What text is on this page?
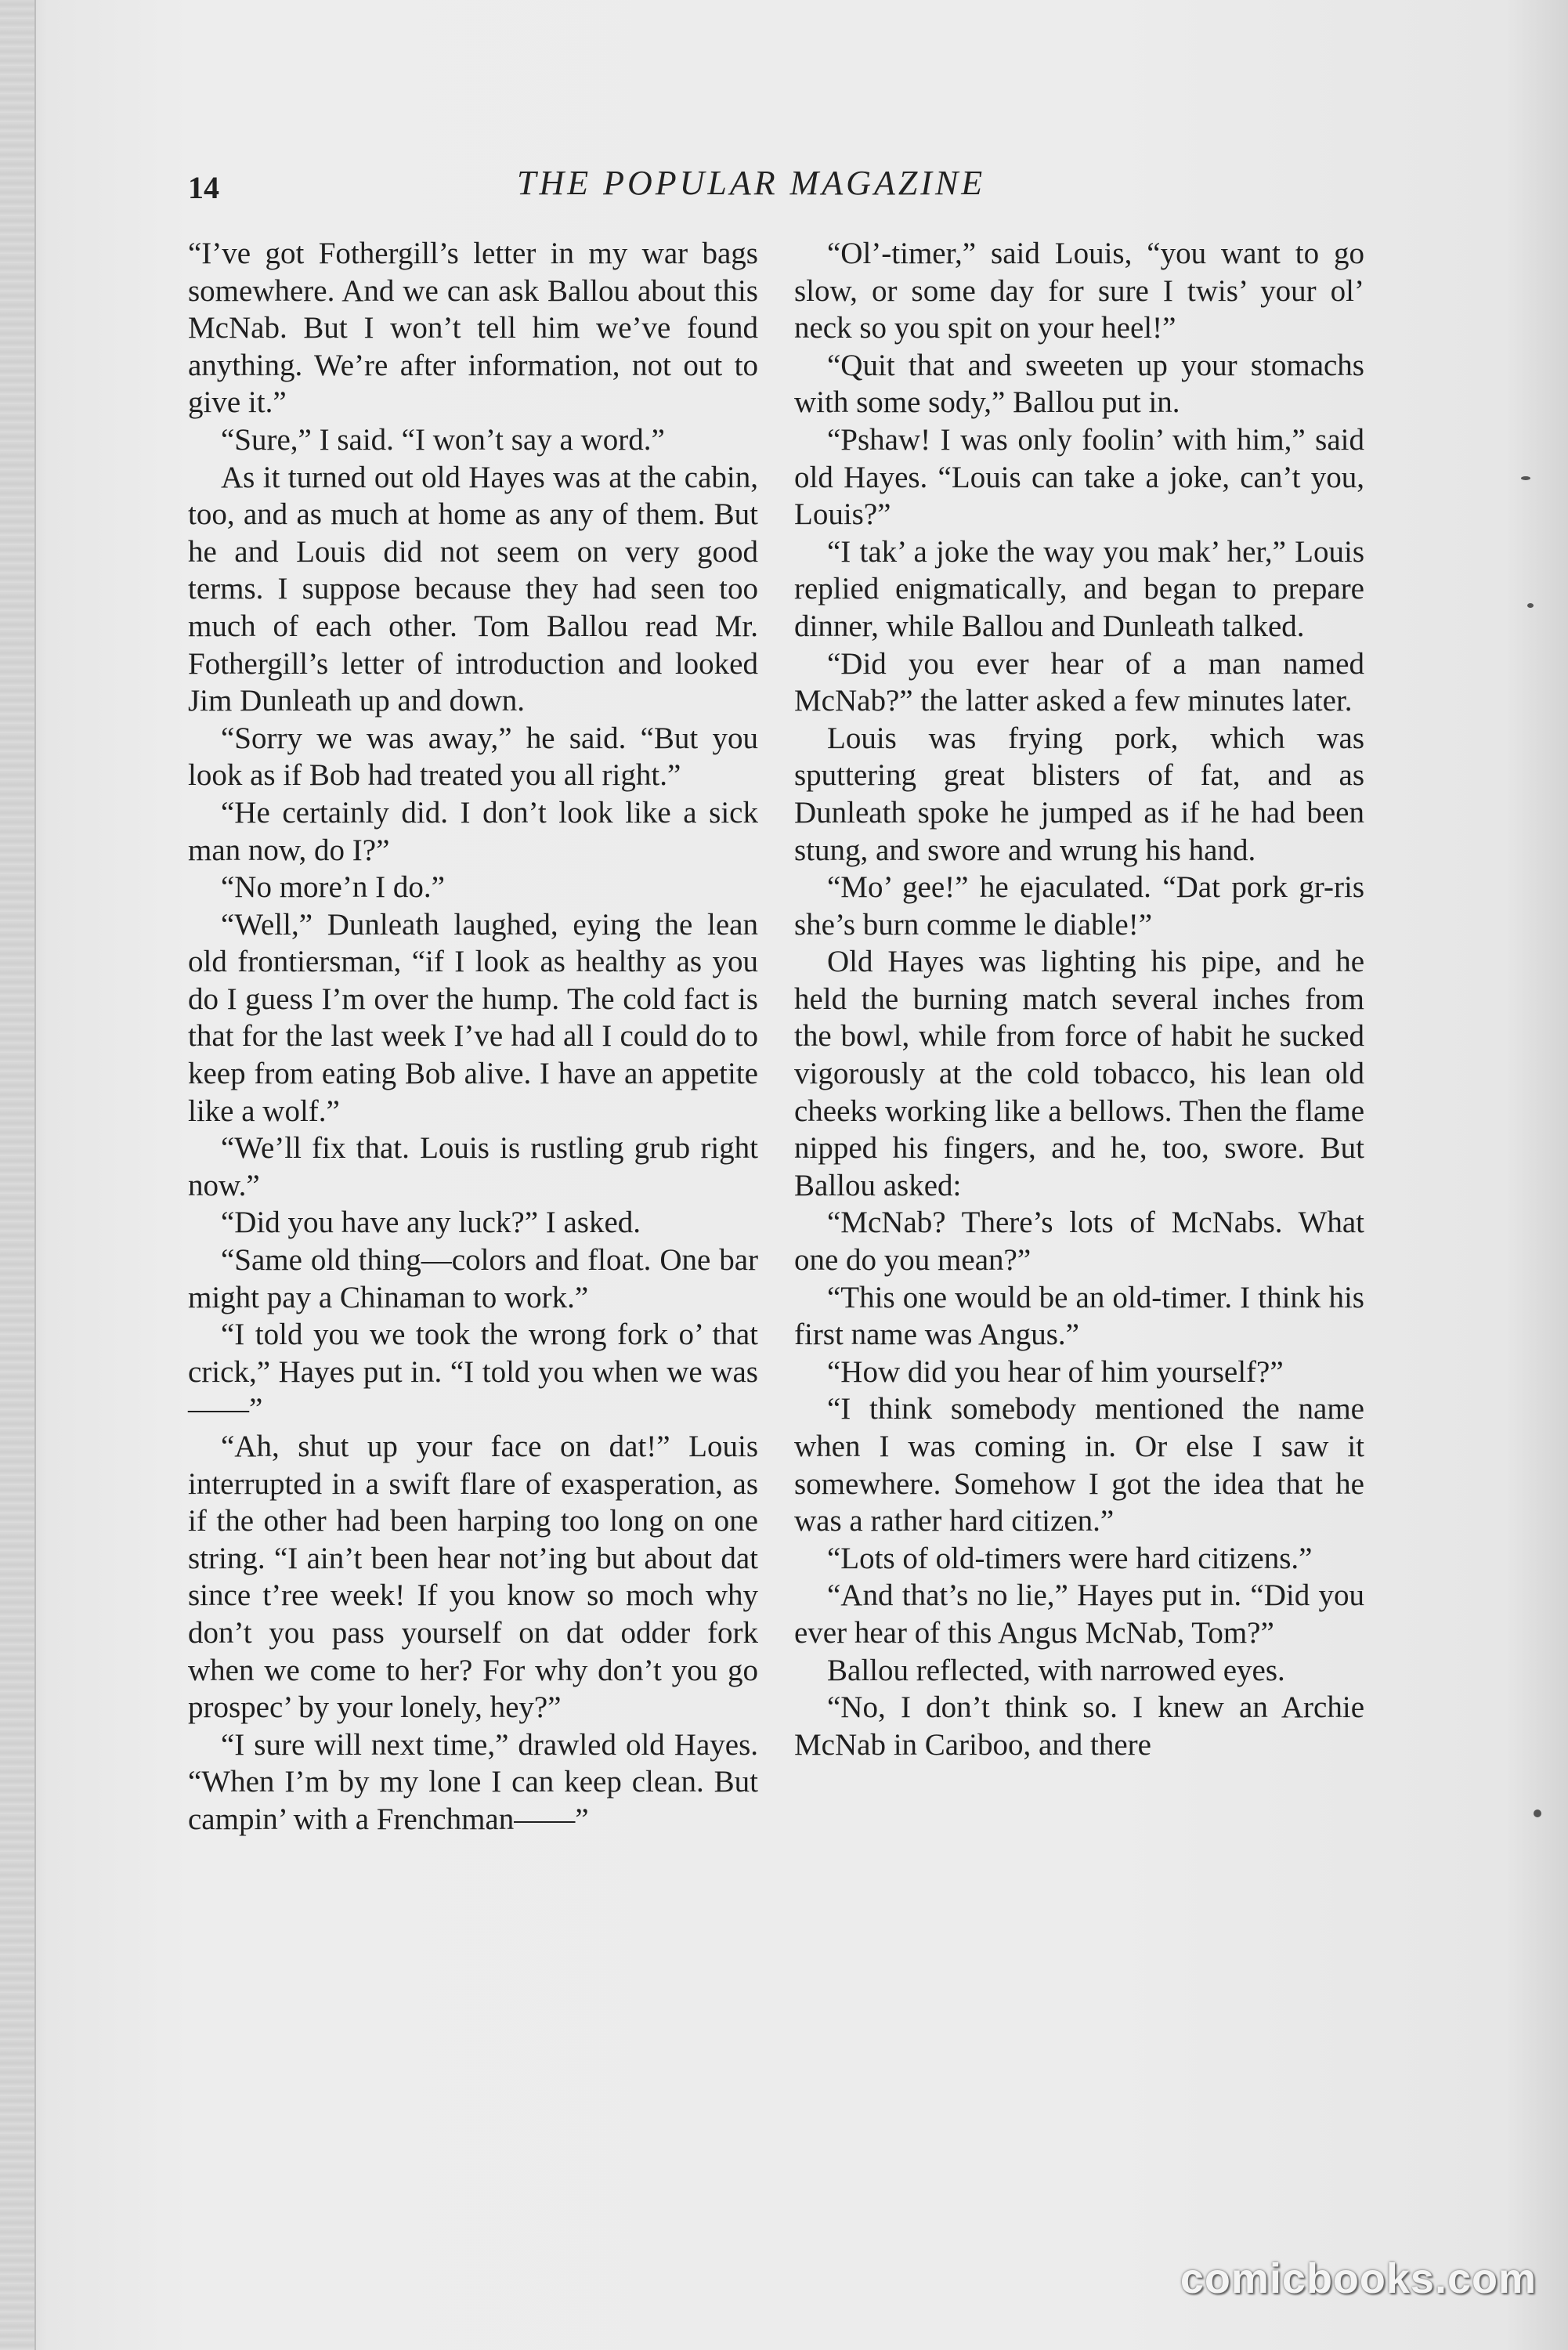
14	THE POPULAR MAGAZINE

“I’ve got Fothergill’s letter in my war bags somewhere. And we can ask Ballou about this McNab. But I won’t tell him we’ve found anything. We’re after information, not out to give it.”

“Sure,” I said. “I won’t say a word.”

As it turned out old Hayes was at the cabin, too, and as much at home as any of them. But he and Louis did not seem on very good terms. I suppose because they had seen too much of each other. Tom Ballou read Mr. Fothergill’s letter of introduction and looked Jim Dunleath up and down.

“Sorry we was away,” he said. “But you look as if Bob had treated you all right.”

“He certainly did. I don’t look like a sick man now, do I?”

“No more’n I do.”

“Well,” Dunleath laughed, eying the lean old frontiersman, “if I look as healthy as you do I guess I’m over the hump. The cold fact is that for the last week I’ve had all I could do to keep from eating Bob alive. I have an appetite like a wolf.”

“We’ll fix that. Louis is rustling grub right now.”

“Did you have any luck?” I asked.

“Same old thing—colors and float. One bar might pay a Chinaman to work.”

“I told you we took the wrong fork o’ that crick,” Hayes put in. “I told you when we was——”

“Ah, shut up your face on dat!” Louis interrupted in a swift flare of exasperation, as if the other had been harping too long on one string. “I ain’t been hear not’ing but about dat since t’ree week! If you know so moch why don’t you pass yourself on dat odder fork when we come to her? For why don’t you go prospec’ by your lonely, hey?”

“I sure will next time,” drawled old Hayes. “When I’m by my lone I can keep clean. But campin’ with a Frenchman——”

“Ol’-timer,” said Louis, “you want to go slow, or some day for sure I twis’ your ol’ neck so you spit on your heel!”

“Quit that and sweeten up your stomachs with some sody,” Ballou put in.

“Pshaw! I was only foolin’ with him,” said old Hayes. “Louis can take a joke, can’t you, Louis?”

“I tak’ a joke the way you mak’ her,” Louis replied enigmatically, and began to prepare dinner, while Ballou and Dunleath talked.

“Did you ever hear of a man named McNab?” the latter asked a few minutes later.

Louis was frying pork, which was sputtering great blisters of fat, and as Dunleath spoke he jumped as if he had been stung, and swore and wrung his hand.

“Mo’ gee!” he ejaculated. “Dat pork gr-ris she’s burn comme le diable!”

Old Hayes was lighting his pipe, and he held the burning match several inches from the bowl, while from force of habit he sucked vigorously at the cold tobacco, his lean old cheeks working like a bellows. Then the flame nipped his fingers, and he, too, swore. But Ballou asked:

“McNab? There’s lots of McNabs. What one do you mean?”

“This one would be an old-timer. I think his first name was Angus.”

“How did you hear of him yourself?”

“I think somebody mentioned the name when I was coming in. Or else I saw it somewhere. Somehow I got the idea that he was a rather hard citizen.”

“Lots of old-timers were hard citizens.”

“And that’s no lie,” Hayes put in. “Did you ever hear of this Angus McNab, Tom?”

Ballou reflected, with narrowed eyes.

“No, I don’t think so. I knew an Archie McNab in Cariboo, and there

comicbooks.com
